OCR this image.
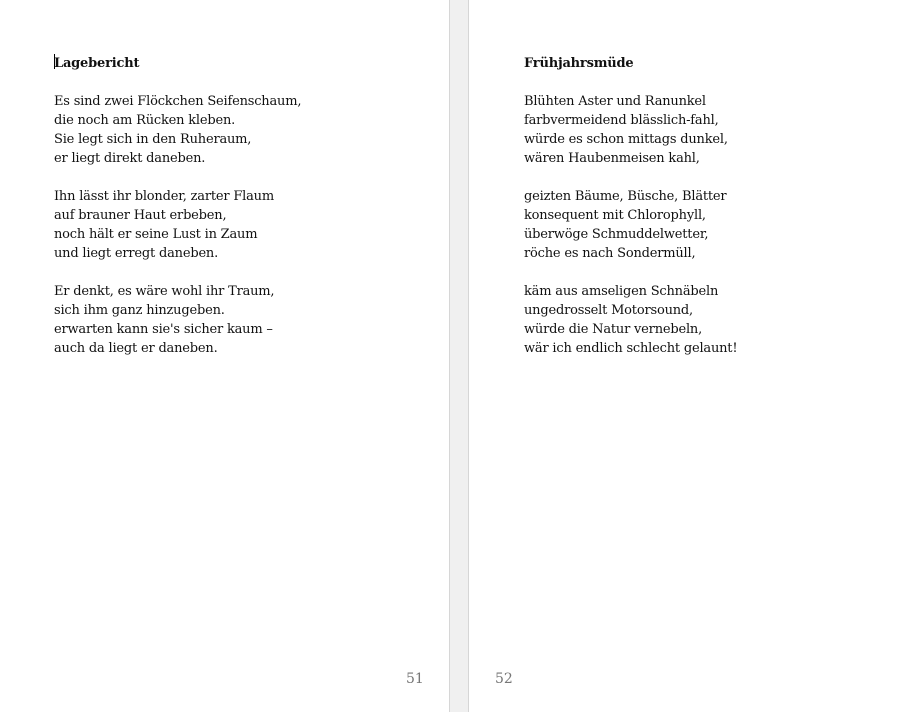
Lagebericht
Es sind zwei Flöckchen Seifenschaum,
die noch am Rücken kleben.
Sie legt sich in den Ruheraum,
er liegt direkt daneben.
Ihn lässt ihr blonder, zarter Flaum
auf brauner Haut erbeben,
noch hält er seine Lust in Zaum
und liegt erregt daneben.
Er denkt, es wäre wohl ihr Traum,
sich ihm ganz hinzugeben.
erwarten kann sie's sicher kaum –
auch da liegt er daneben.
51
Frühjahrsmüde
Blühten Aster und Ranunkel
farbvermeidend blässlich-fahl,
würde es schon mittags dunkel,
wären Haubenmeisen kahl,
geizten Bäume, Büsche, Blätter
konsequent mit Chlorophyll,
überwöge Schmuddelwetter,
röche es nach Sondermüll,
käm aus amseligen Schnäbeln
ungedrosselt Motorsound,
würde die Natur vernebeln,
wär ich endlich schlecht gelaunt!
52
